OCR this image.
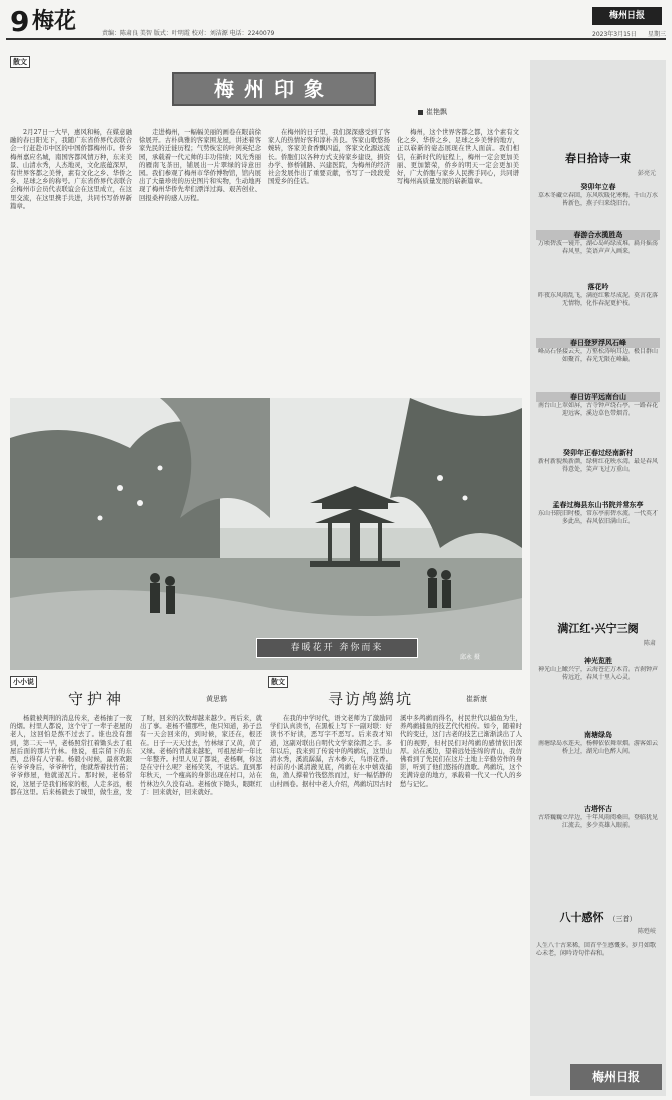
9 梅花	责编：陈肃良 美智 版式：叶明霞 校对：刘洁源 电话：2240079
梅州日报
2023年3月15日 星期三
散文
梅州印象
崔艳飘
2月27日一大早，惠风和畅，在媒意融融的春日阳光下，我随广东省侨界代表联合会一行赶赴市中区的中国侨都梅州市。侨乡梅州嘉应名城，南国客都风情万种，东来美景、山清水秀，人杰地灵，文化底蕴深厚，有世界客都之美誉，素有文化之乡、华侨之乡、足球之乡的称号。广东省侨界代表联合会梅州市会员代表联谊会在这里成立，在这里交流，在这里携手共进，共同书写侨界新篇章。
走进梅州，一幅幅美丽的画卷在眼前徐徐展开。古朴典雅的客家围龙屋，讲述着客家先民的迁徙历程；气势恢宏的叶剑英纪念园，承载着一代元帅的丰功伟绩；风光秀丽的雁南飞茶田，铺展出一片翠绿的诗意田园。我们参观了梅州市华侨博物馆，馆内展出了大量珍贵的历史图片和实物，生动地再现了梅州华侨先辈们漂洋过海、艰苦创业、回报桑梓的感人历程。
在梅州的日子里，我们深深感受到了客家人的热情好客和淳朴善良。客家山歌悠扬婉转，客家美食香飘四溢，客家文化源远流长。侨胞们以各种方式支持家乡建设，捐资办学、修桥铺路、兴建医院，为梅州的经济社会发展作出了重要贡献，书写了一段段爱国爱乡的佳话。
梅州，这个世界客都之都，这个素有文化之乡、华侨之乡、足球之乡美誉的地方，正以崭新的姿态展现在世人面前。我们相信，在新时代的征程上，梅州一定会更加美丽、更加繁荣，侨乡的明天一定会更加美好，广大侨胞与家乡人民携手同心，共同谱写梅州高质量发展的崭新篇章。
春暖花开 奔你而来
邱永 摄
小小说
守护神	黄思鹤
杨毅被判刑的消息传来，老杨抽了一夜的烟。村里人都说，这个守了一辈子老屋的老人，这回怕是熬不过去了。谁也没有想到，第二天一早，老杨照常扛着锄头去了祖屋后面的那片竹林。他说，祖宗留下的东西，总得有人守着。杨毅小时候，最喜欢跟在爷爷身后，爷爷种竹，他就帮着扶竹苗；爷爷修屋，他就递瓦片。那时候，老杨常说，这屋子是我们杨家的根，人走多远，根都在这里。后来杨毅去了城里，做生意，发了财，回来的次数却越来越少。再后来，就出了事。老杨不懂那些，他只知道，孙子总有一天会回来的，到时候，家还在，根还在。日子一天天过去，竹林绿了又黄，黄了又绿。老杨的背越来越驼，可祖屋却一年比一年整齐。村里人见了都说，老杨啊，你这是在守什么呢？老杨笑笑，不说话。直到那年秋天，一个瘦高的身影出现在村口，站在竹林边久久没有动。老杨放下锄头，眼眶红了：回来就好，回来就好。
散文
寻访鸬鹚坑	崔新康
在我的中学时代，语文老师为了激励同学们认真读书，在黑板上写下一副对联：好读书不好读，恶写字不恶写。后来我才知道，这副对联出自明代文学家徐渭之手。多年以后，我来到了传说中的鸬鹚坑，这里山清水秀，溪流潺潺，古木参天，鸟语花香。村前的小溪清澈见底，鸬鹚在水中嬉戏捕鱼，渔人撑着竹筏悠然而过，好一幅恬静的山村画卷。据村中老人介绍，鸬鹚坑因古时溪中多鸬鹚而得名，村民世代以捕鱼为生，养鸬鹚捕鱼的技艺代代相传。如今，随着时代的变迁，这门古老的技艺已渐渐淡出了人们的视野，但村民们对鸬鹚的感情依旧深厚。站在溪边，望着远处连绵的青山，我仿佛看到了先民们在这片土地上辛勤劳作的身影，听到了他们悠扬的渔歌。鸬鹚坑，这个充满诗意的地方，承载着一代又一代人的乡愁与记忆。
春日拾诗一束
彭亮元
癸卯年立春
草木冬藏立春回，东风吹暖化寒梅。千山万水皆新色，燕子归来绕旧台。
春游合水揽胜岛
万顷碧波一镜开，湖心岛屿绿成堆。扁舟摇荡春风里，笑语声声入画来。
落花吟
昨夜东风雨乱飞，满庭红紫尽成泥。莫言花落无情物，化作春泥更护枝。
春日登罗浮风石峰
峰高石怪接云天，万壑松涛响耳边。极目群山如聚首，春光无限在峰巅。
春日访平远南台山
南台山上翠如屏，古寺钟声绕石亭。一路春花迎远客，溪边草色带烟青。
癸卯年正春过经南新村
新村新貌焕新颜，绿树红花映水湾。最是春风得意处，笑声飞过万重山。
孟春过梅县东山书院并常东亭
东山书院旧时楼，常东亭前碧水流。一代英才多此出，春风依旧满山丘。
满江红·兴宁三阕
陈肃
神光览胜
神光山上瞰兴宁，云海苍茫万木青。古刹钟声传远近，春风十里入心灵。
南塘绿岛
南塘绿岛水连天，杨柳依依舞翠烟。游客如云桥上过，湖光山色醉人间。
古塔怀古
古塔巍巍立岸边，千年风雨阅桑田。登临犹见江流去，多少英雄入眼前。
八十感怀 （三首）
陈甦岐
人生八十古来稀，回首平生感慨多。岁月如歌心未老，闲吟诗句伴春和。
梅州日报
